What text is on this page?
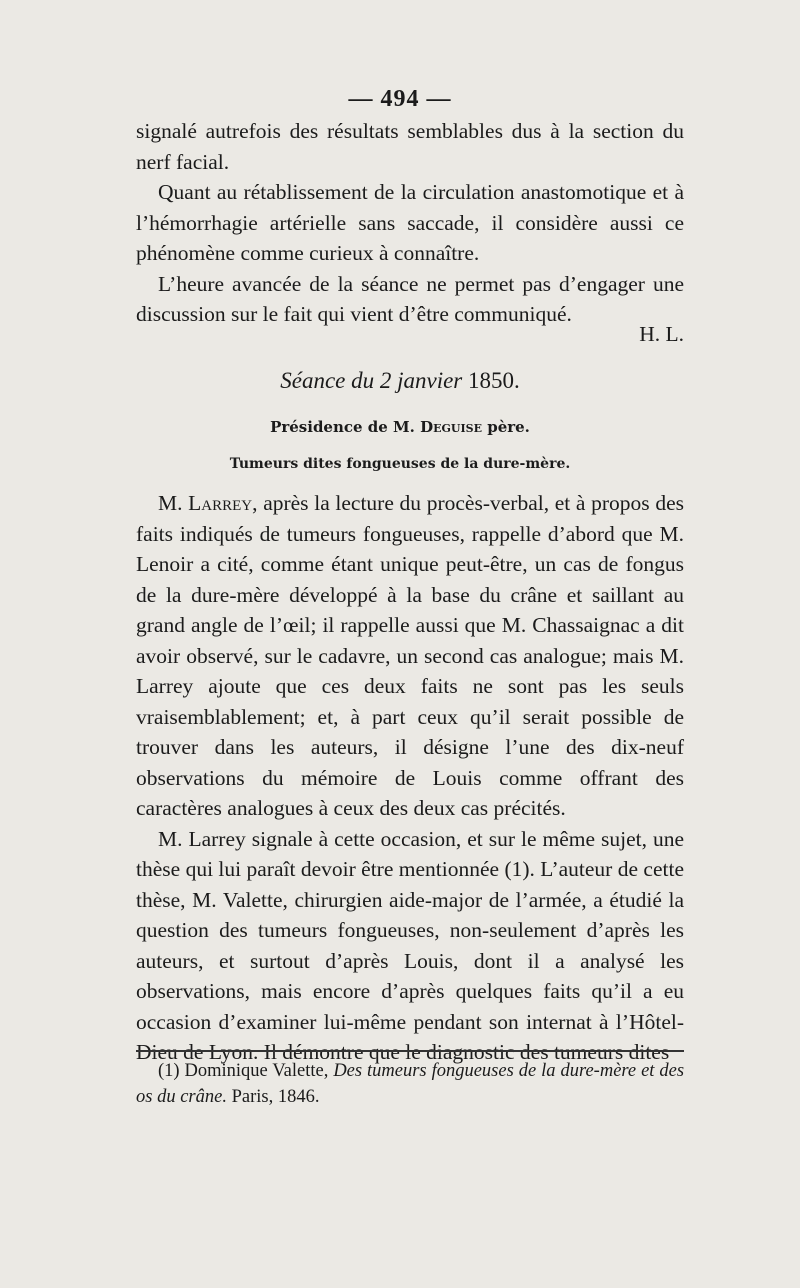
— 494 —

signalé autrefois des résultats semblables dus à la section du nerf facial.

Quant au rétablissement de la circulation anastomotique et à l’hémorrhagie artérielle sans saccade, il considère aussi ce phénomène comme curieux à connaître.

L’heure avancée de la séance ne permet pas d’engager une discussion sur le fait qui vient d’être communiqué.

H. L.
Séance du 2 janvier 1850.
Présidence de M. Deguise père.
Tumeurs dites fongueuses de la dure-mère.

M. Larrey, après la lecture du procès-verbal, et à propos des faits indiqués de tumeurs fongueuses, rappelle d’abord que M. Lenoir a cité, comme étant unique peut-être, un cas de fongus de la dure-mère développé à la base du crâne et saillant au grand angle de l’œil; il rappelle aussi que M. Chassaignac a dit avoir observé, sur le cadavre, un second cas analogue; mais M. Larrey ajoute que ces deux faits ne sont pas les seuls vraisemblablement; et, à part ceux qu’il serait possible de trouver dans les auteurs, il désigne l’une des dix-neuf observations du mémoire de Louis comme offrant des caractères analogues à ceux des deux cas précités.

M. Larrey signale à cette occasion, et sur le même sujet, une thèse qui lui paraît devoir être mentionnée (1). L’auteur de cette thèse, M. Valette, chirurgien aide-major de l’armée, a étudié la question des tumeurs fongueuses, non-seulement d’après les auteurs, et surtout d’après Louis, dont il a analysé les observations, mais encore d’après quelques faits qu’il a eu occasion d’examiner lui-même pendant son internat à l’Hôtel-Dieu de Lyon. Il démontre que le diagnostic des tumeurs dites

(1) Dominique Valette, Des tumeurs fongueuses de la dure-mère et des os du crâne. Paris, 1846.
